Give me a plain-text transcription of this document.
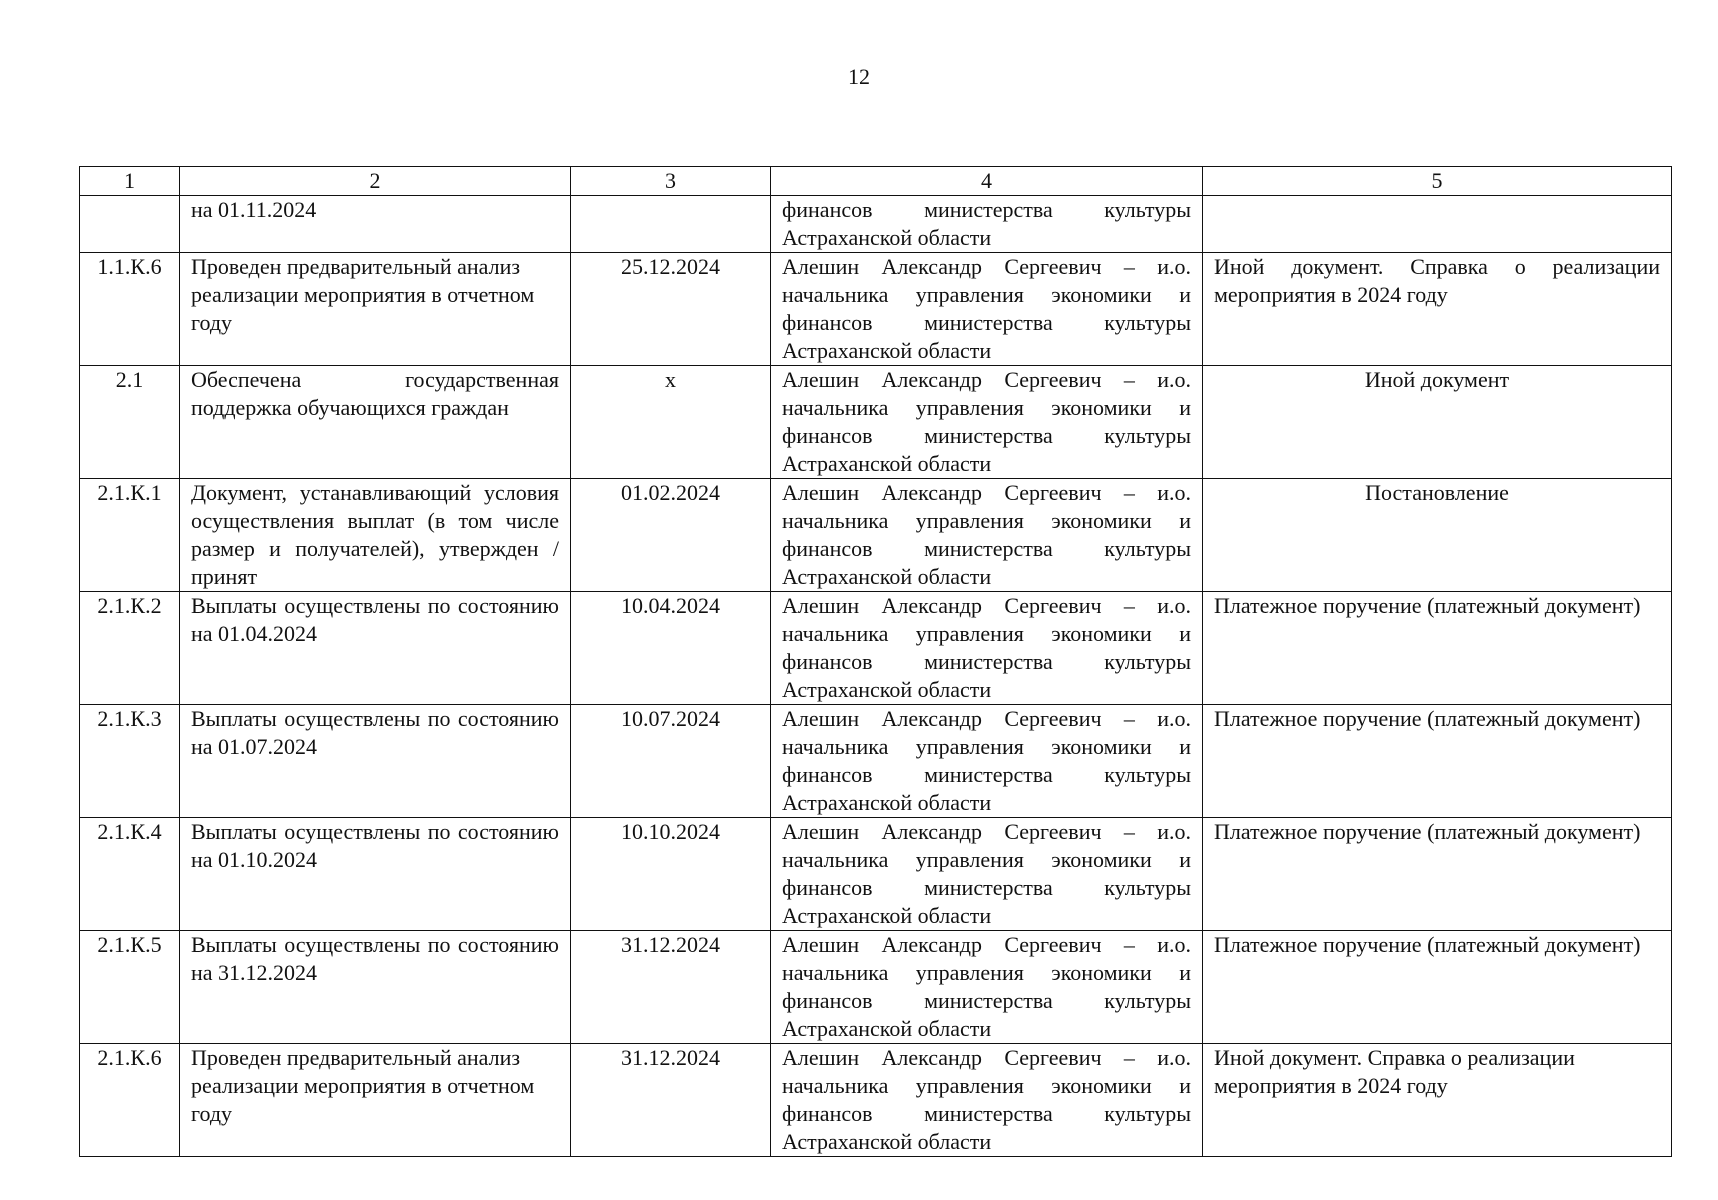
12
1	2	3	4	5
	на 01.11.2024		финансов министерства культуры Астраханской области	
1.1.К.6	Проведен предварительный анализ реализации мероприятия в отчетном году	25.12.2024	Алешин Александр Сергеевич – и.о. начальника управления экономики и финансов министерства культуры Астраханской области	Иной документ. Справка о реализации мероприятия в 2024 году
2.1	Обеспечена государственная поддержка обучающихся граждан	х	Алешин Александр Сергеевич – и.о. начальника управления экономики и финансов министерства культуры Астраханской области	Иной документ
2.1.К.1	Документ, устанавливающий условия осуществления выплат (в том числе размер и получателей), утвержден / принят	01.02.2024	Алешин Александр Сергеевич – и.о. начальника управления экономики и финансов министерства культуры Астраханской области	Постановление
2.1.К.2	Выплаты осуществлены по состоянию на 01.04.2024	10.04.2024	Алешин Александр Сергеевич – и.о. начальника управления экономики и финансов министерства культуры Астраханской области	Платежное поручение (платежный документ)
2.1.К.3	Выплаты осуществлены по состоянию на 01.07.2024	10.07.2024	Алешин Александр Сергеевич – и.о. начальника управления экономики и финансов министерства культуры Астраханской области	Платежное поручение (платежный документ)
2.1.К.4	Выплаты осуществлены по состоянию на 01.10.2024	10.10.2024	Алешин Александр Сергеевич – и.о. начальника управления экономики и финансов министерства культуры Астраханской области	Платежное поручение (платежный документ)
2.1.К.5	Выплаты осуществлены по состоянию на 31.12.2024	31.12.2024	Алешин Александр Сергеевич – и.о. начальника управления экономики и финансов министерства культуры Астраханской области	Платежное поручение (платежный документ)
2.1.К.6	Проведен предварительный анализ реализации мероприятия в отчетном году	31.12.2024	Алешин Александр Сергеевич – и.о. начальника управления экономики и финансов министерства культуры Астраханской области	Иной документ. Справка о реализации мероприятия в 2024 году
